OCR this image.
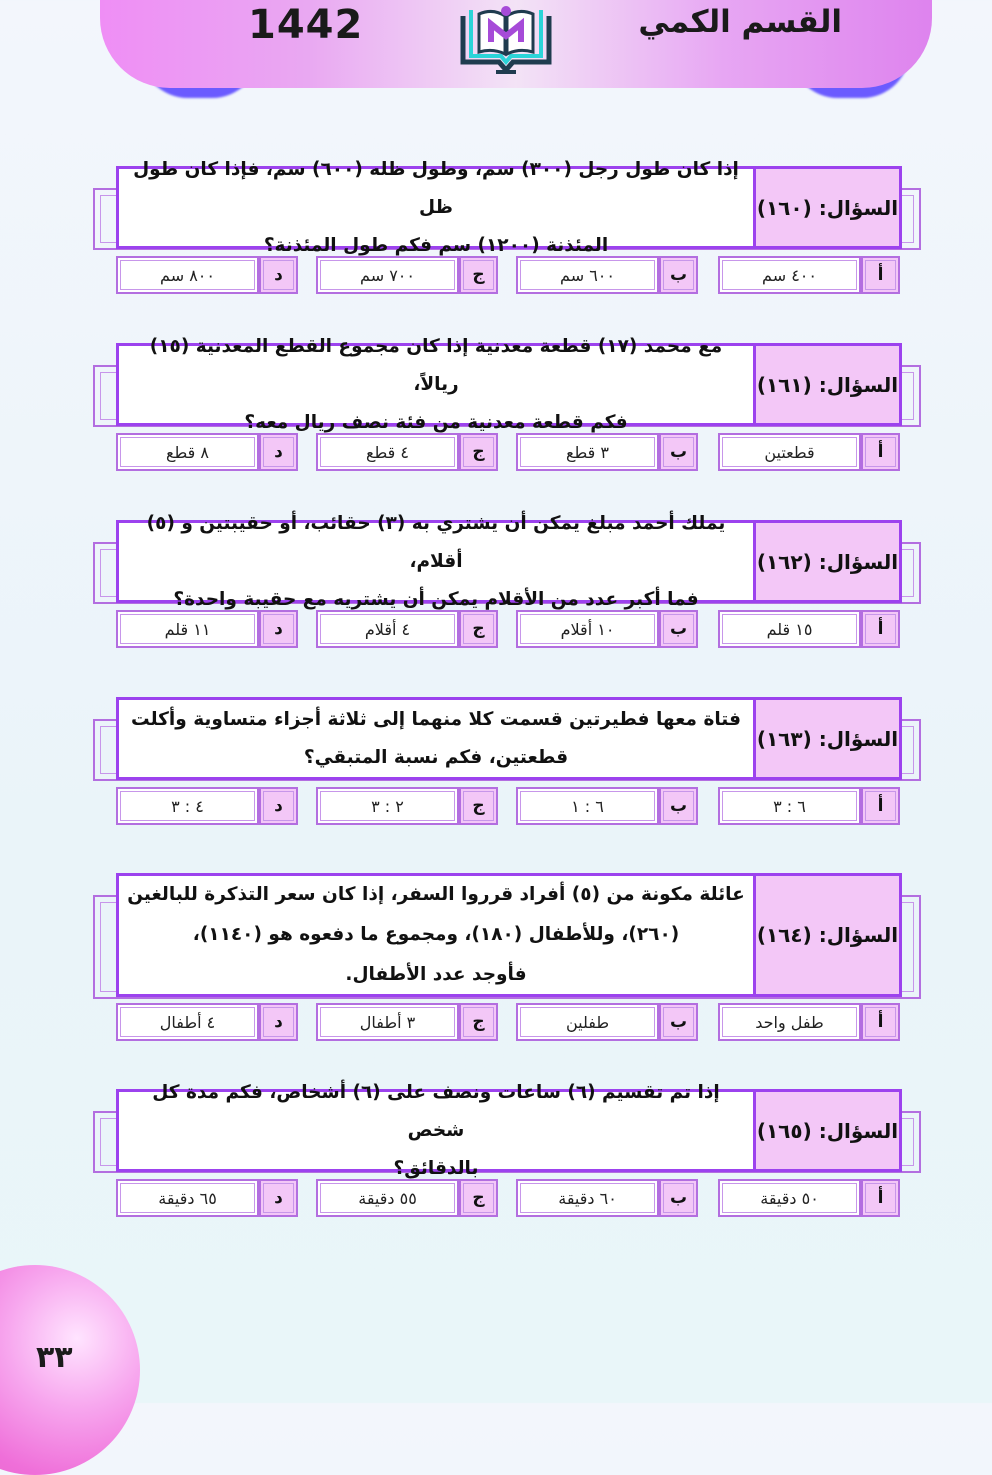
القسم الكمي
1442
إذا كان طول رجل (٣٠٠) سم، وطول ظله (٦٠٠) سم، فإذا كان طول ظل
المئذنة (١٢٠٠) سم فكم طول المئذنة؟
السؤال: (١٦٠)
٨٠٠ سم	د	٧٠٠ سم	ج	٦٠٠ سم	ب	٤٠٠ سم	أ
مع محمد (١٧) قطعة معدنية إذا كان مجموع القطع المعدنية (١٥) ريالاً،
فكم قطعة معدنية من فئة نصف ريال معه؟
السؤال: (١٦١)
٨ قطع	د	٤ قطع	ج	٣ قطع	ب	قطعتين	أ
يملك أحمد مبلغ يمكن أن يشتري به (٣) حقائب، أو حقيبتين و (٥) أقلام،
فما أكبر عدد من الأقلام يمكن أن يشتريه مع حقيبة واحدة؟
السؤال: (١٦٢)
١١ قلم	د	٤ أقلام	ج	١٠ أقلام	ب	١٥ قلم	أ
فتاة معها فطيرتين قسمت كلا منهما إلى ثلاثة أجزاء متساوية وأكلت
قطعتين، فكم نسبة المتبقي؟
السؤال: (١٦٣)
٤ : ٣	د	٢ : ٣	ج	٦ : ١	ب	٦ : ٣	أ
عائلة مكونة من (٥) أفراد قرروا السفر، إذا كان سعر التذكرة للبالغين
(٢٦٠)، وللأطفال (١٨٠)، ومجموع ما دفعوه هو (١١٤٠)،
فأوجد عدد الأطفال.
السؤال: (١٦٤)
٤ أطفال	د	٣ أطفال	ج	طفلين	ب	طفل واحد	أ
إذا تم تقسيم (٦) ساعات ونصف على (٦) أشخاص، فكم مدة كل شخص
بالدقائق؟
السؤال: (١٦٥)
٦٥ دقيقة	د	٥٥ دقيقة	ج	٦٠ دقيقة	ب	٥٠ دقيقة	أ
٣٣
